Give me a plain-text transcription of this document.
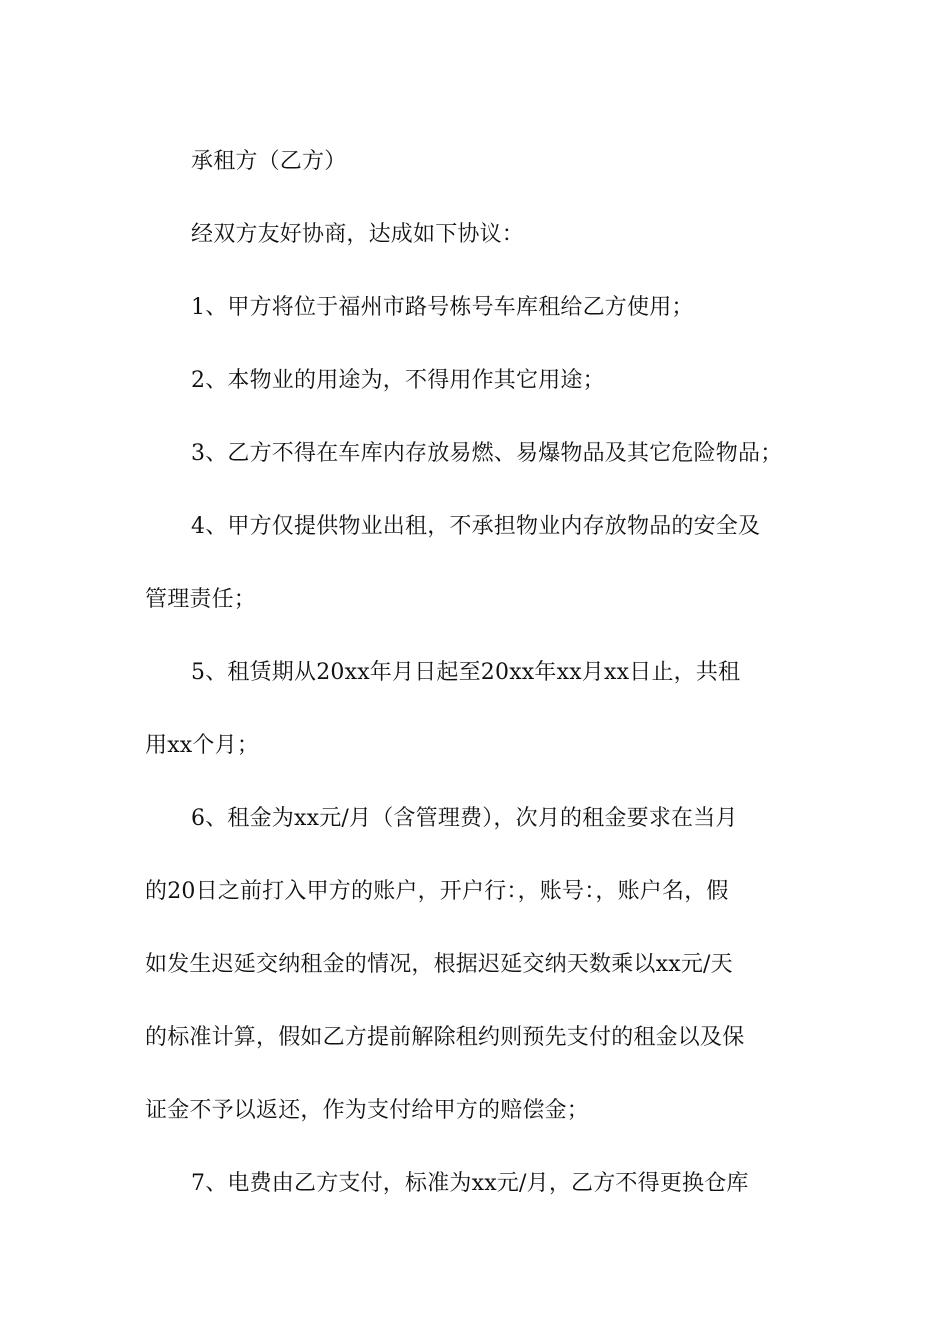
承租方（乙方）
经双方友好协商，达成如下协议：
1、甲方将位于福州市路号栋号车库租给乙方使用；
2、本物业的用途为，不得用作其它用途；
3、乙方不得在车库内存放易燃、易爆物品及其它危险物品；
4、甲方仅提供物业出租，不承担物业内存放物品的安全及
管理责任；
5、租赁期从20xx年月日起至20xx年xx月xx日止，共租
用xx个月；
6、租金为xx元/月（含管理费），次月的租金要求在当月
的20日之前打入甲方的账户，开户行：，账号：，账户名，假
如发生迟延交纳租金的情况，根据迟延交纳天数乘以xx元/天
的标准计算，假如乙方提前解除租约则预先支付的租金以及保
证金不予以返还，作为支付给甲方的赔偿金；
7、电费由乙方支付，标准为xx元/月，乙方不得更换仓库
